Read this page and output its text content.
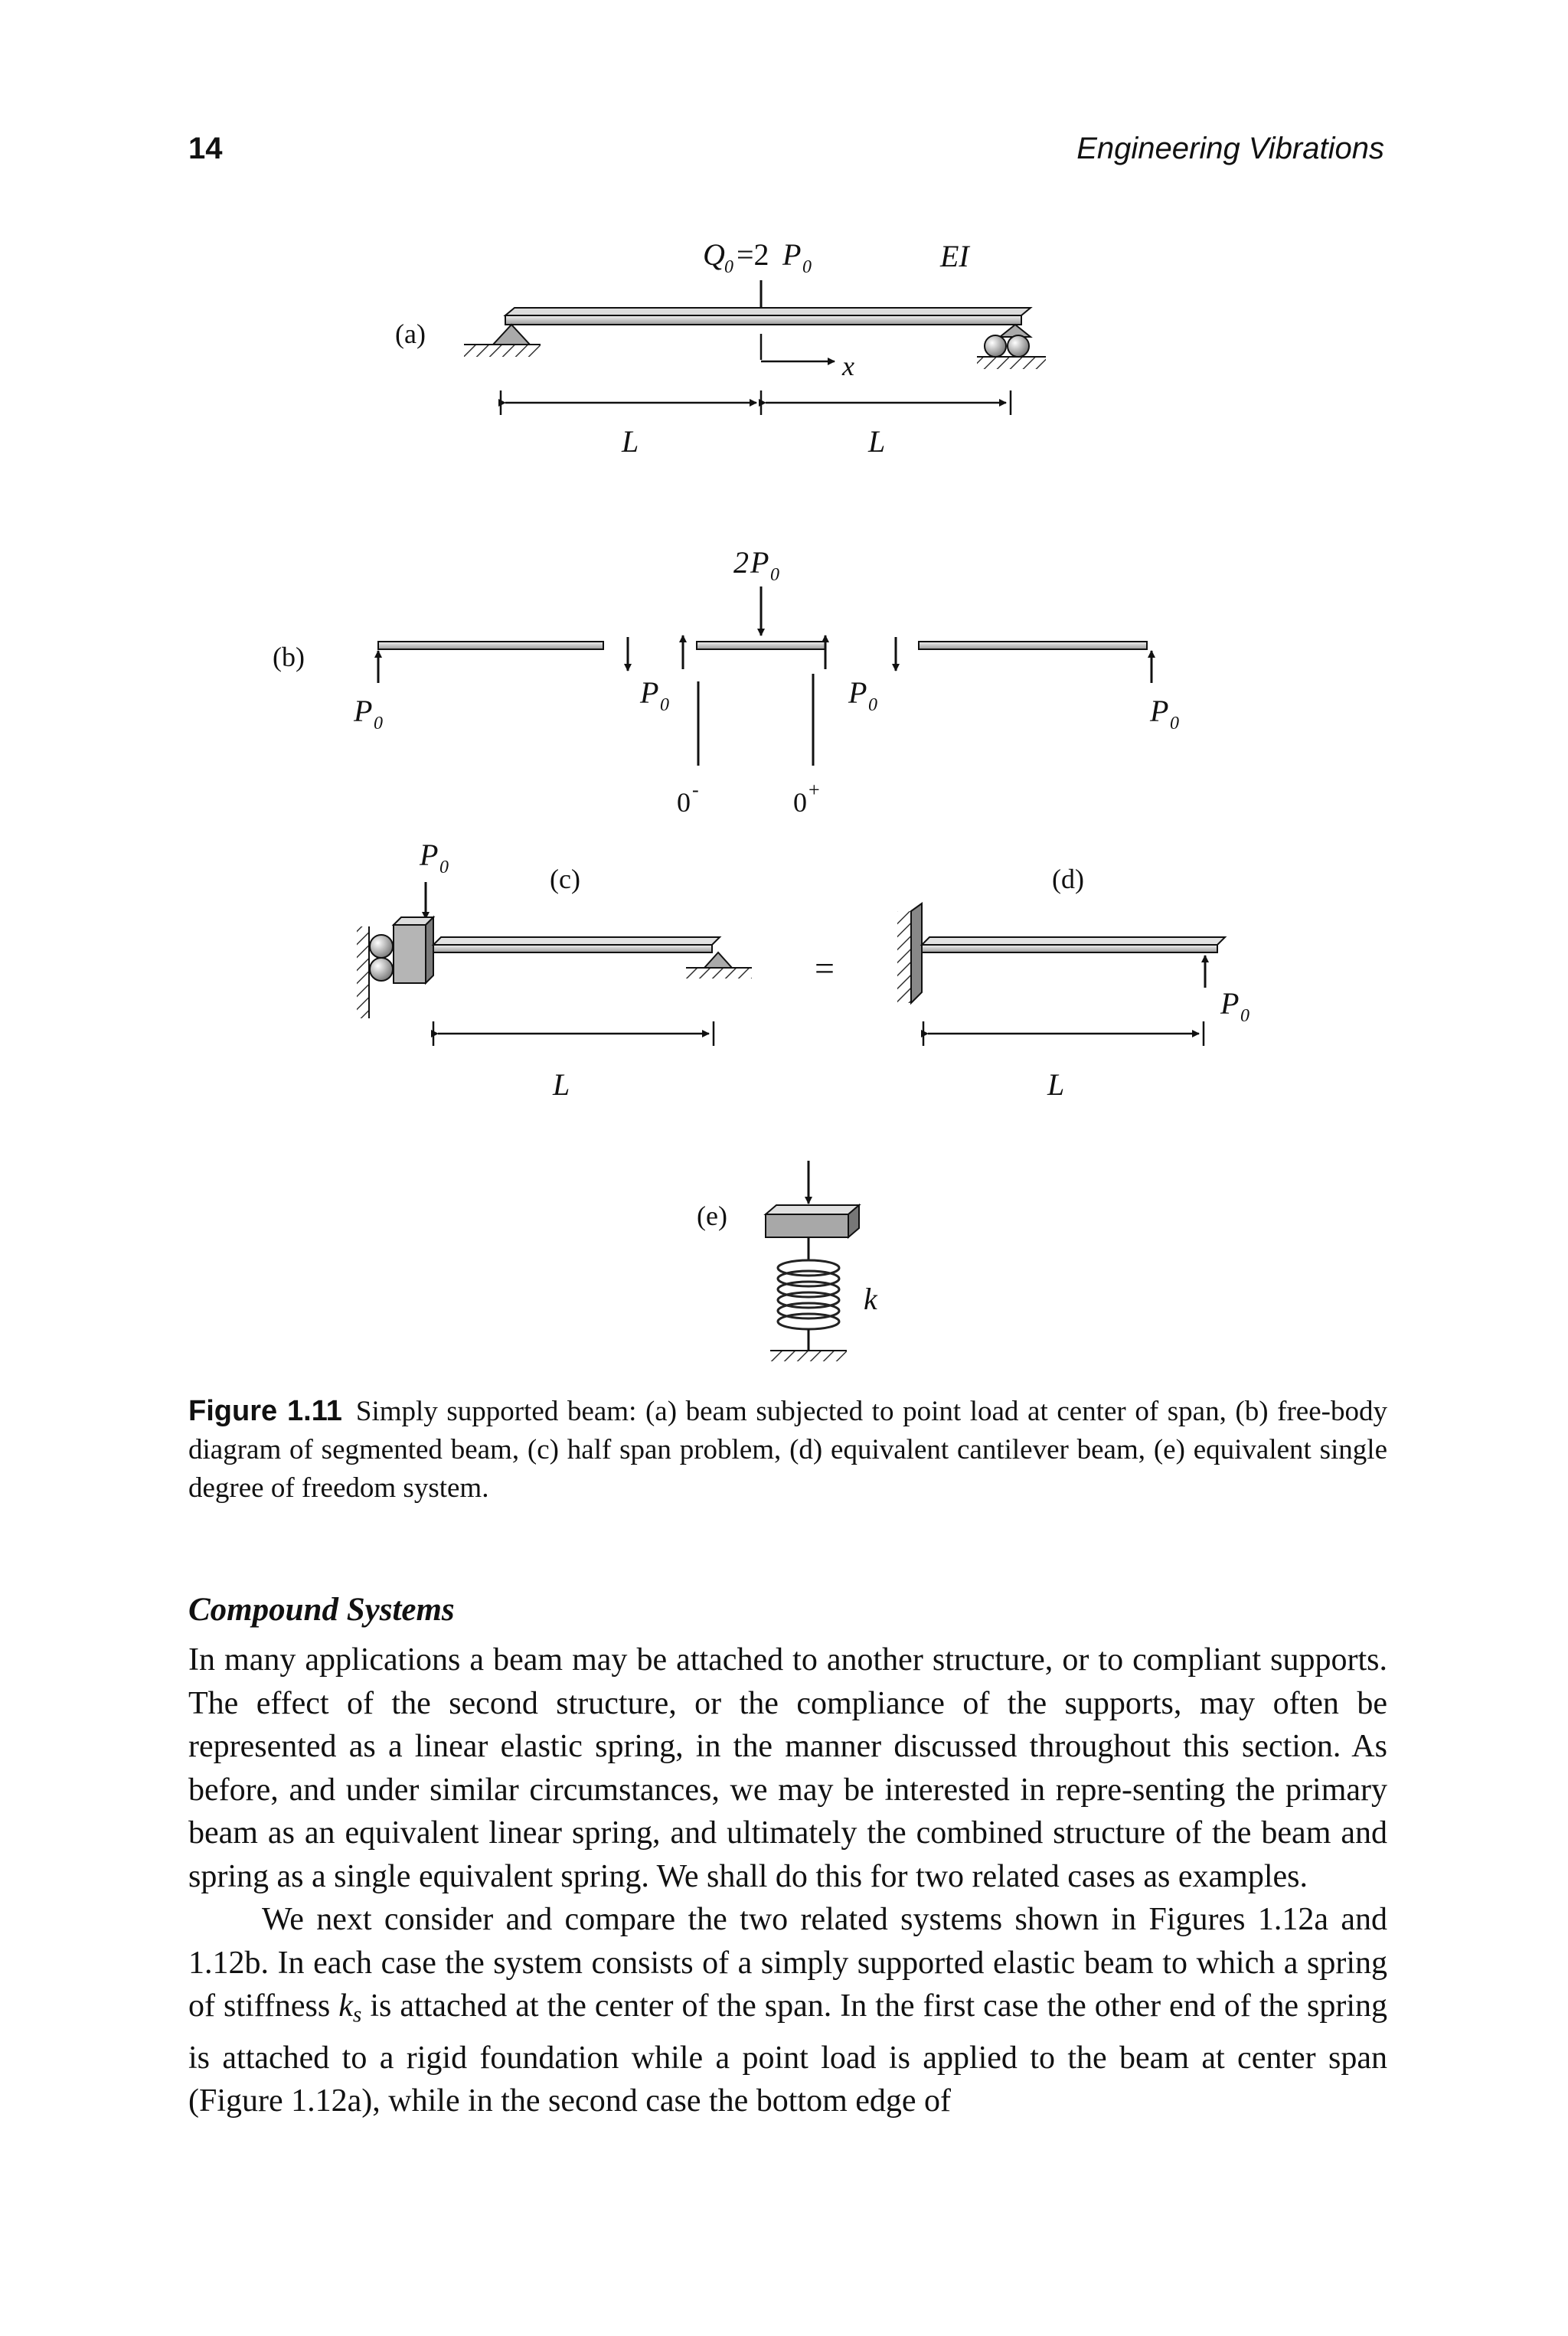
14	Engineering Vibrations
(a)
Q 0 =2 P 0	EI
x
L	L
(b)
2 P 0
P 0
P 0
0 -	0 +
P 0	P 0
P 0	(c)
L
=
(d)
P 0
L
(e)
k
Figure 1.11 Simply supported beam: (a) beam subjected to point load at center of span, (b) free-body diagram of segmented beam, (c) half span problem, (d) equivalent cantilever beam, (e) equivalent single degree of freedom system.
Compound Systems

In many applications a beam may be attached to another structure, or to compliant supports. The effect of the second structure, or the compliance of the supports, may often be represented as a linear elastic spring, in the manner discussed throughout this section. As before, and under similar circumstances, we may be interested in repre-senting the primary beam as an equivalent linear spring, and ultimately the combined structure of the beam and spring as a single equivalent spring. We shall do this for two related cases as examples.

We next consider and compare the two related systems shown in Figures 1.12a and 1.12b. In each case the system consists of a simply supported elastic beam to which a spring of stiffness $k_s$ is attached at the center of the span. In the first case the other end of the spring is attached to a rigid foundation while a point load is applied to the beam at center span (Figure 1.12a), while in the second case the bottom edge of
